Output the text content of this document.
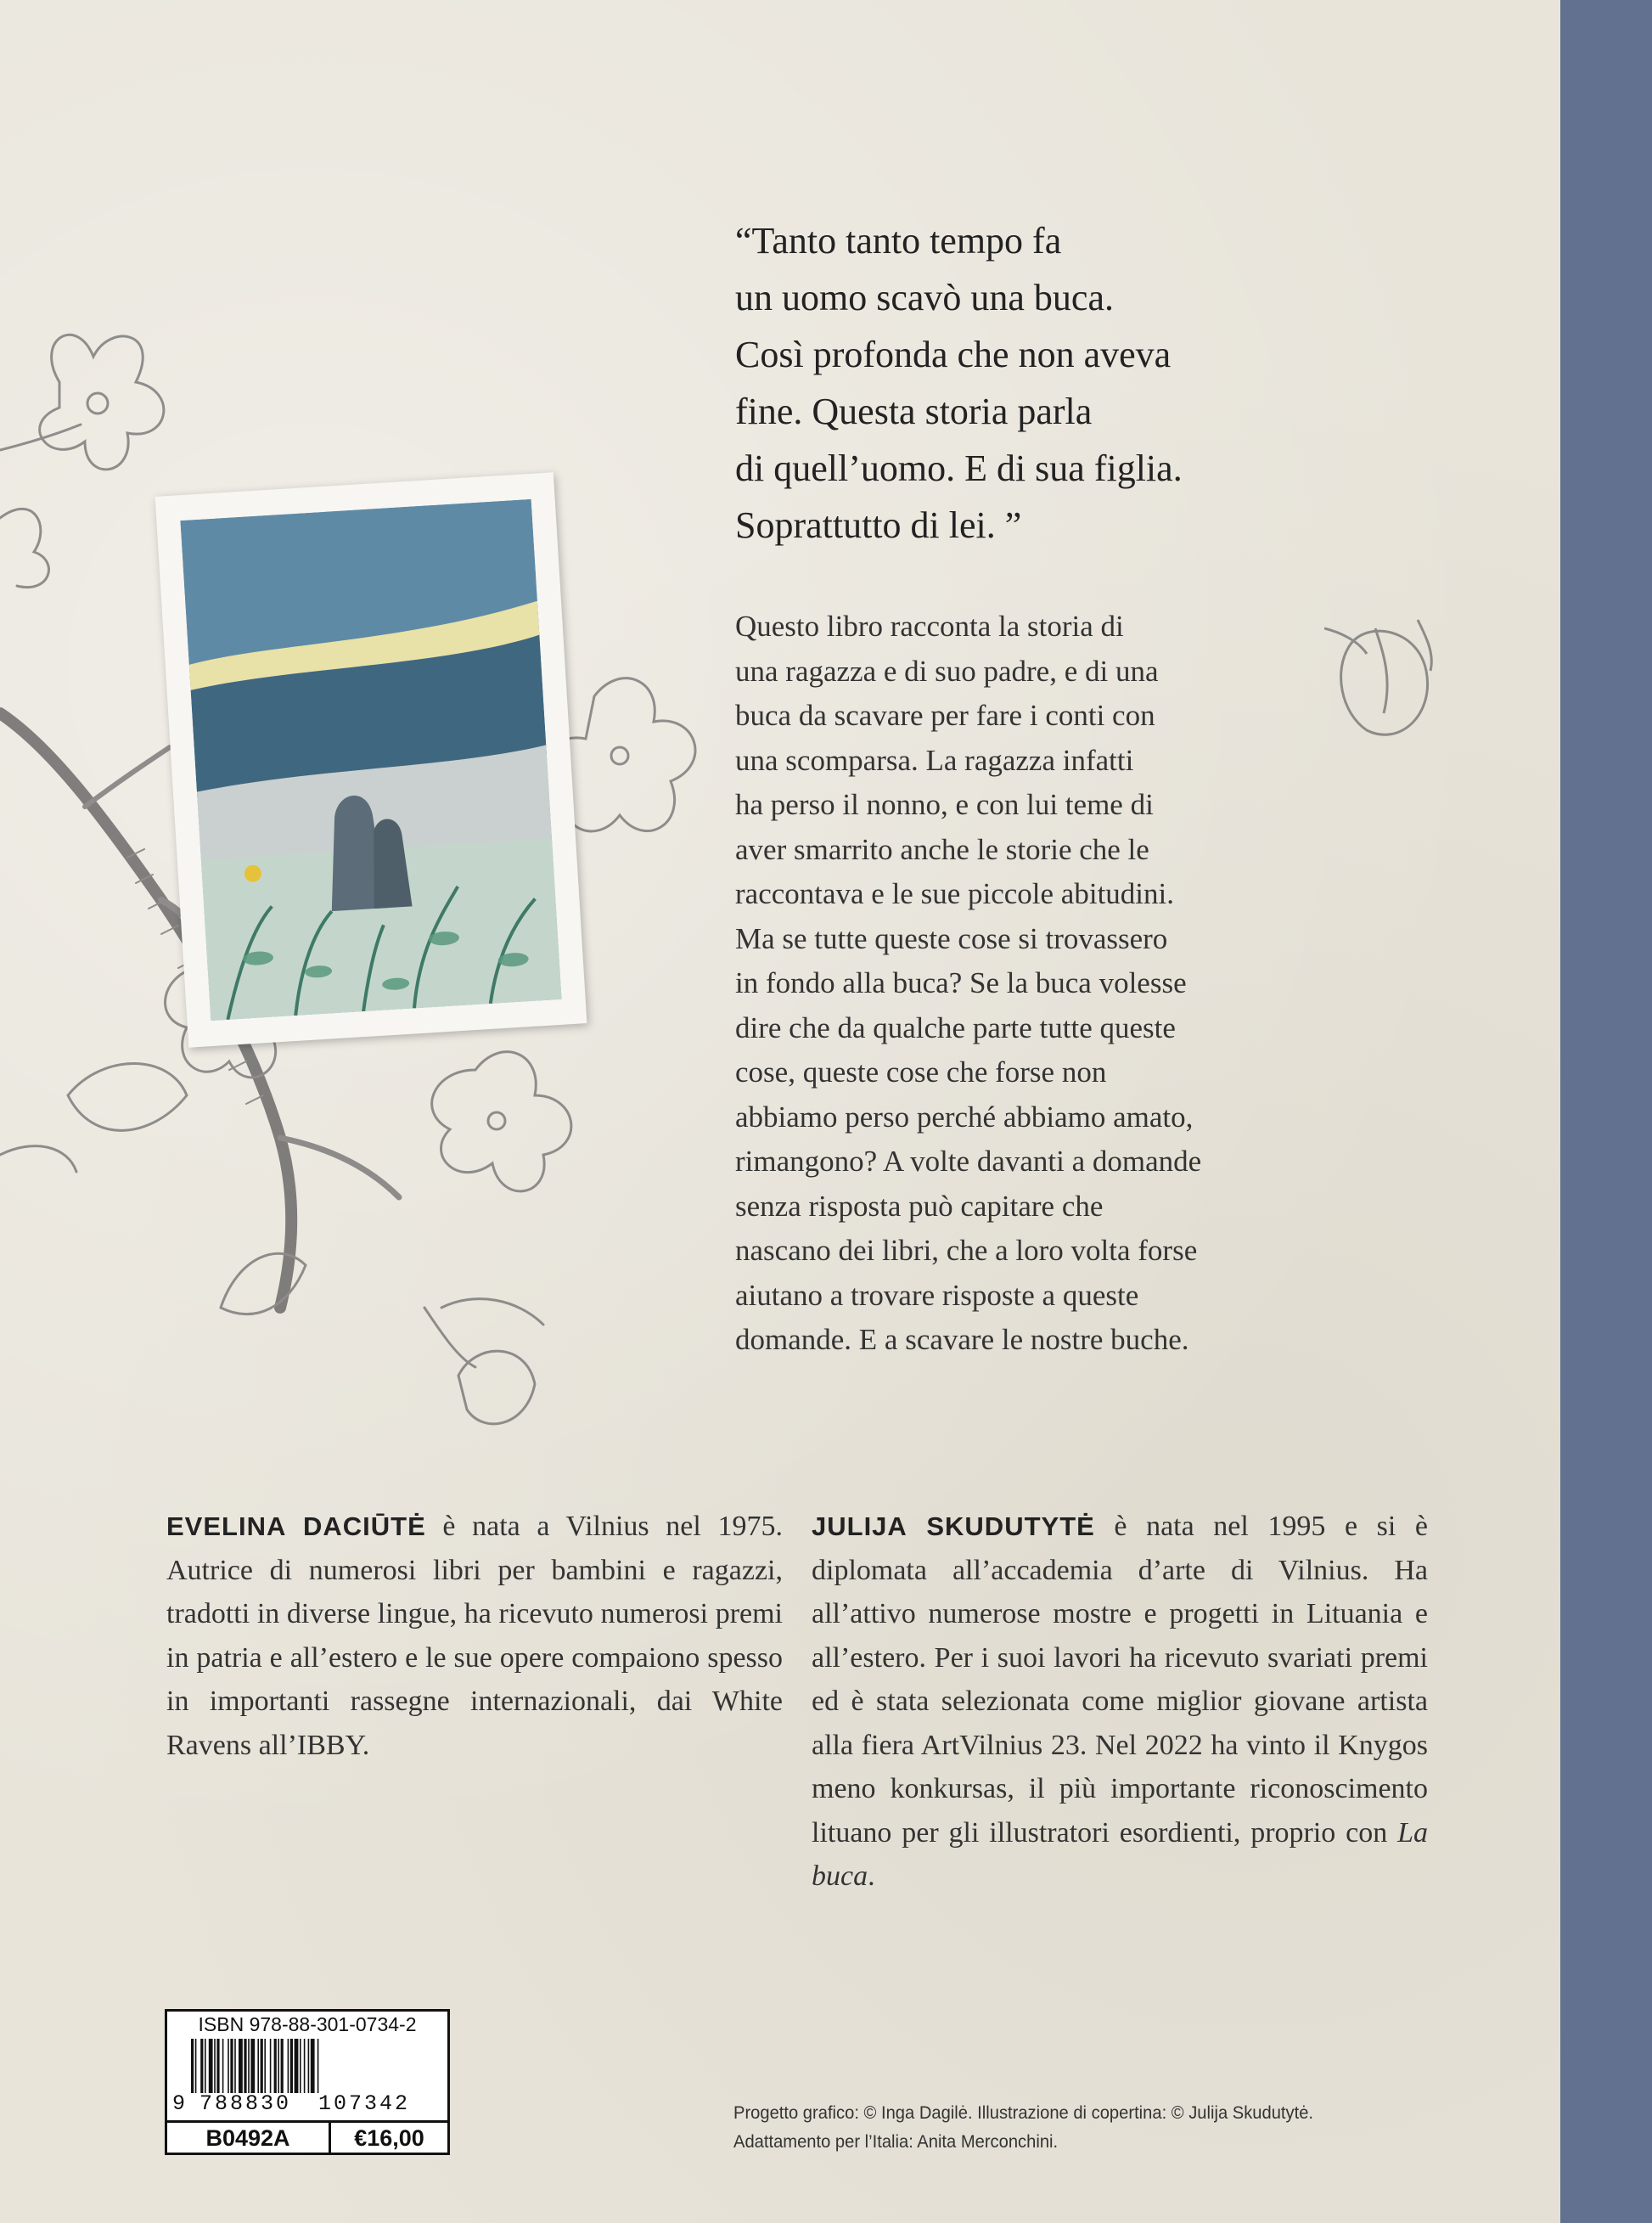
“Tanto tanto tempo fa
un uomo scavò una buca.
Così profonda che non aveva
fine. Questa storia parla
di quell’uomo. E di sua figlia.
Soprattutto di lei. ”
Questo libro racconta la storia di
una ragazza e di suo padre, e di una
buca da scavare per fare i conti con
una scomparsa. La ragazza infatti
ha perso il nonno, e con lui teme di
aver smarrito anche le storie che le
raccontava e le sue piccole abitudini.
Ma se tutte queste cose si trovassero
in fondo alla buca? Se la buca volesse
dire che da qualche parte tutte queste
cose, queste cose che forse non
abbiamo perso perché abbiamo amato,
rimangono? A volte davanti a domande
senza risposta può capitare che
nascano dei libri, che a loro volta forse
aiutano a trovare risposte a queste
domande. E a scavare le nostre buche.
EVELINA DACIŪTĖ è nata a Vilnius nel 1975. Autrice di numerosi libri per bambini e ragazzi, tradotti in diverse lingue, ha ricevuto numerosi premi in patria e all’estero e le sue opere compaiono spesso in importanti rassegne internazionali, dai White Ravens all’IBBY.
JULIJA SKUDUTYTĖ è nata nel 1995 e si è diplomata all’accademia d’arte di Vilnius. Ha all’attivo numerose mostre e progetti in Lituania e all’estero. Per i suoi lavori ha ricevuto svariati premi ed è stata selezionata come miglior giovane artista alla fiera ArtVilnius 23. Nel 2022 ha vinto il Knygos meno konkursas, il più importante riconoscimento lituano per gli illustratori esordienti, proprio con La buca.
ISBN 978-88-301-0734-2
9 788830 107342
B0492A	€16,00
Progetto grafico: © Inga Dagilė. Illustrazione di copertina: © Julija Skudutytė.
Adattamento per l’Italia: Anita Merconchini.
